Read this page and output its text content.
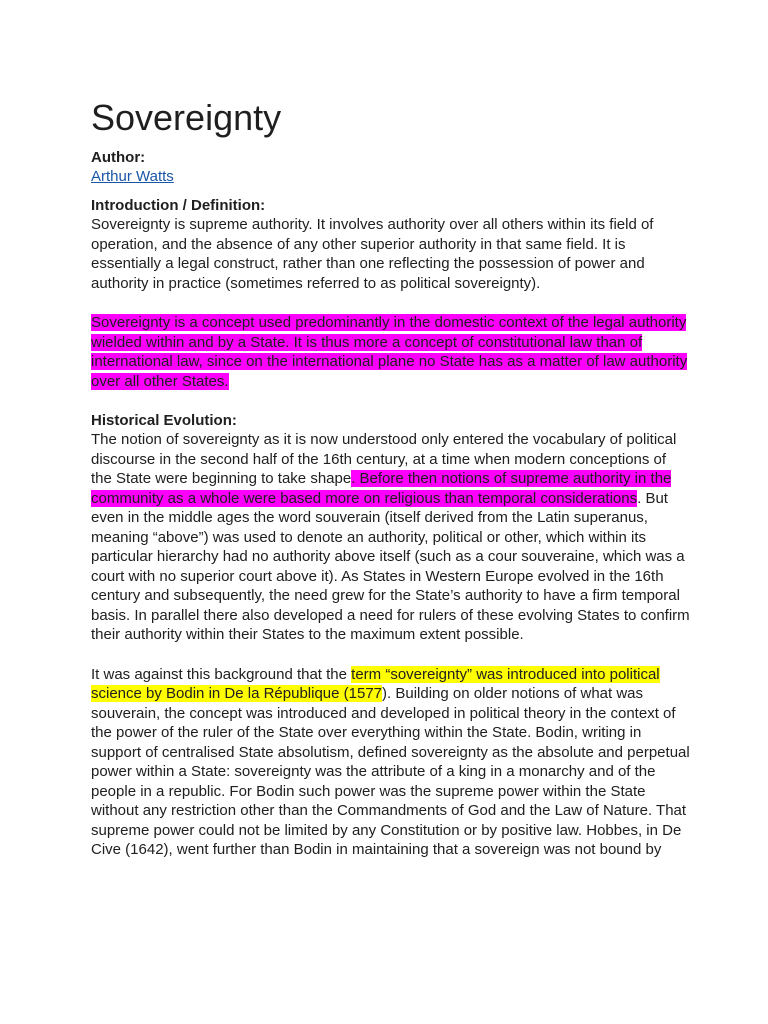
Sovereignty

Author:

Arthur Watts

Introduction / Definition:

Sovereignty is supreme authority. It involves authority over all others within its field of operation, and the absence of any other superior authority in that same field. It is essentially a legal construct, rather than one reflecting the possession of power and authority in practice (sometimes referred to as political sovereignty).

Sovereignty is a concept used predominantly in the domestic context of the legal authority wielded within and by a State. It is thus more a concept of constitutional law than of international law, since on the international plane no State has as a matter of law authority over all other States.

Historical Evolution:

The notion of sovereignty as it is now understood only entered the vocabulary of political discourse in the second half of the 16th century, at a time when modern conceptions of the State were beginning to take shape. Before then notions of supreme authority in the community as a whole were based more on religious than temporal considerations. But even in the middle ages the word souverain (itself derived from the Latin superanus, meaning “above”) was used to denote an authority, political or other, which within its particular hierarchy had no authority above itself (such as a cour souveraine, which was a court with no superior court above it). As States in Western Europe evolved in the 16th century and subsequently, the need grew for the State’s authority to have a firm temporal basis. In parallel there also developed a need for rulers of these evolving States to confirm their authority within their States to the maximum extent possible.

It was against this background that the term “sovereignty” was introduced into political science by Bodin in De la République (1577). Building on older notions of what was souverain, the concept was introduced and developed in political theory in the context of the power of the ruler of the State over everything within the State. Bodin, writing in support of centralised State absolutism, defined sovereignty as the absolute and perpetual power within a State: sovereignty was the attribute of a king in a monarchy and of the people in a republic. For Bodin such power was the supreme power within the State without any restriction other than the Commandments of God and the Law of Nature. That supreme power could not be limited by any Constitution or by positive law. Hobbes, in De Cive (1642), went further than Bodin in maintaining that a sovereign was not bound by
